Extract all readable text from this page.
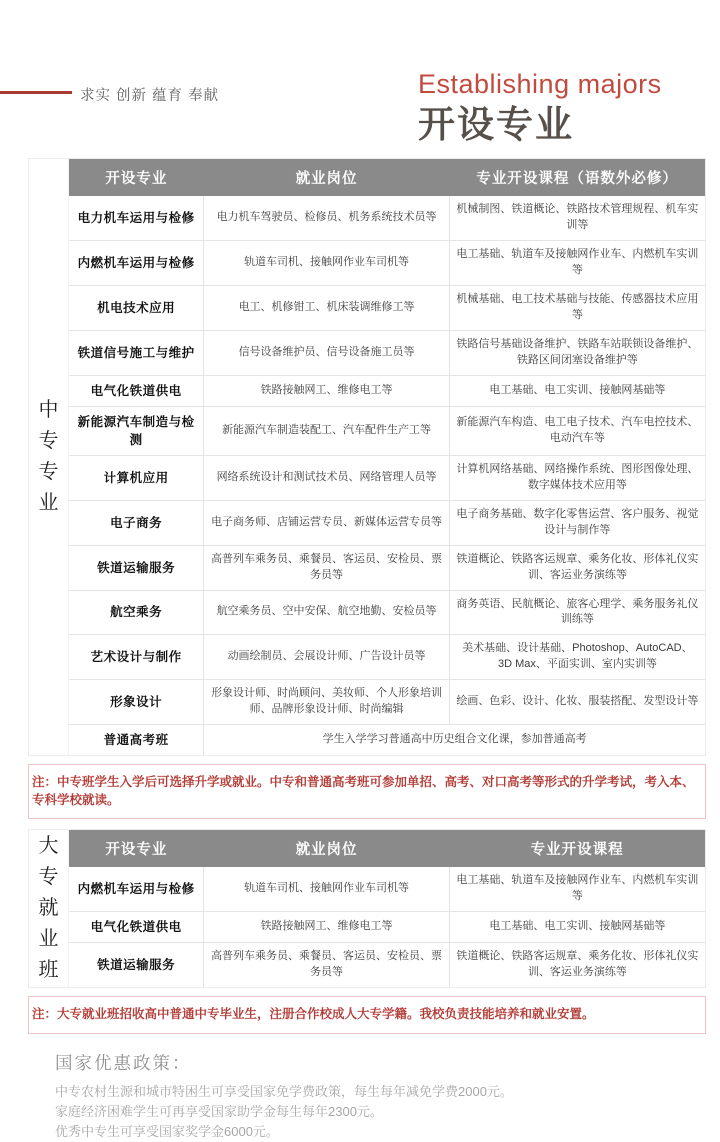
求实 创新 蕴育 奉献	Establishing majors
开设专业
中
专
专
业
开设专业	就业岗位	专业开设课程（语数外必修）
电力机车运用与检修	电力机车驾驶员、检修员、机务系统技术员等	机械制图、铁道概论、铁路技术管理规程、机车实训等
内燃机车运用与检修	轨道车司机、接触网作业车司机等	电工基础、轨道车及接触网作业车、内燃机车实训等
机电技术应用	电工、机修钳工、机床装调维修工等	机械基础、电工技术基础与技能、传感器技术应用等
铁道信号施工与维护	信号设备维护员、信号设备施工员等	铁路信号基础设备维护、铁路车站联锁设备维护、铁路区间闭塞设备维护等
电气化铁道供电	铁路接触网工、维修电工等	电工基础、电工实训、接触网基础等
新能源汽车制造与检测	新能源汽车制造装配工、汽车配件生产工等	新能源汽车构造、电工电子技术、汽车电控技术、电动汽车等
计算机应用	网络系统设计和测试技术员、网络管理人员等	计算机网络基础、网络操作系统、图形图像处理、数字媒体技术应用等
电子商务	电子商务师、店铺运营专员、新媒体运营专员等	电子商务基础、数字化零售运营、客户服务、视觉设计与制作等
铁道运输服务	高普列车乘务员、乘餐员、客运员、安检员、票务员等	铁道概论、铁路客运规章、乘务化妆、形体礼仪实训、客运业务演练等
航空乘务	航空乘务员、空中安保、航空地勤、安检员等	商务英语、民航概论、旅客心理学、乘务服务礼仪训练等
艺术设计与制作	动画绘制员、会展设计师、广告设计员等	美术基础、设计基础、Photoshop、AutoCAD、3D Max、平面实训、室内实训等
形象设计	形象设计师、时尚顾问、美妆师、个人形象培训师、品牌形象设计师、时尚编辑	绘画、色彩、设计、化妆、服装搭配、发型设计等
普通高考班	学生入学学习普通高中历史组合文化课，参加普通高考	
注：中专班学生入学后可选择升学或就业。中专和普通高考班可参加单招、高考、对口高考等形式的升学考试，考入本、专科学校就读。
大
专
就
业
班
开设专业	就业岗位	专业开设课程
内燃机车运用与检修	轨道车司机、接触网作业车司机等	电工基础、轨道车及接触网作业车、内燃机车实训等
电气化铁道供电	铁路接触网工、维修电工等	电工基础、电工实训、接触网基础等
铁道运输服务	高普列车乘务员、乘餐员、客运员、安检员、票务员等	铁道概论、铁路客运规章、乘务化妆、形体礼仪实训、客运业务演练等
注：大专就业班招收高中普通中专毕业生，注册合作校成人大专学籍。我校负责技能培养和就业安置。
国家优惠政策：
中专农村生源和城市特困生可享受国家免学费政策，每生每年减免学费2000元。
家庭经济困难学生可再享受国家助学金每生每年2300元。
优秀中专生可享受国家奖学金6000元。
